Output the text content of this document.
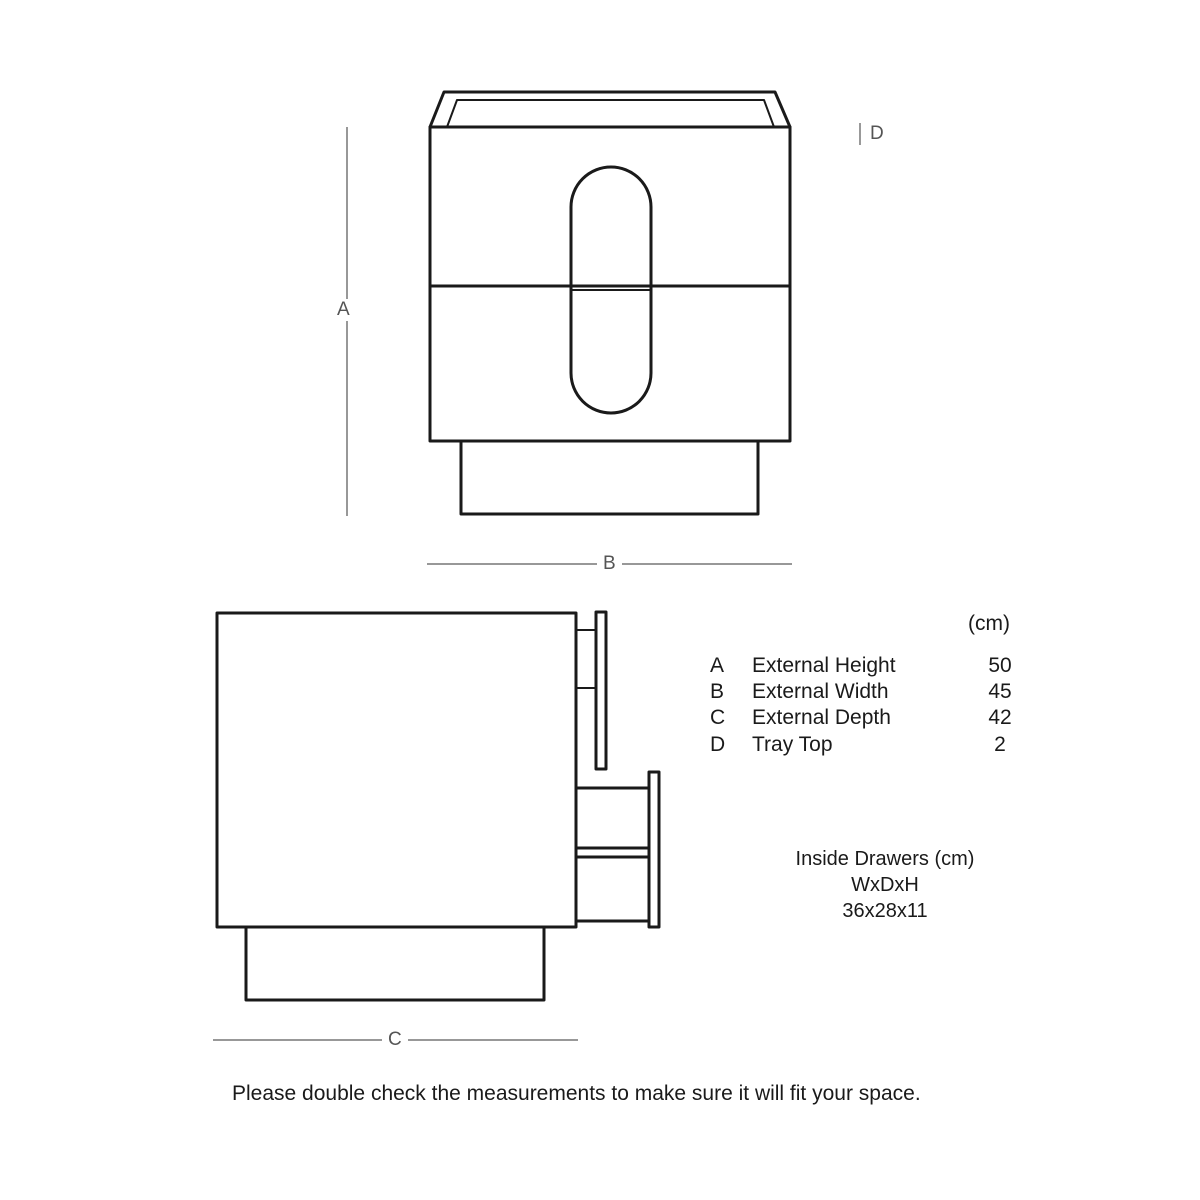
A
B
C
D
(cm)
A External Height	50
B External Width	45
C External Depth	42
D Tray Top	2
Inside Drawers (cm)
WxDxH
36x28x11
Please double check the measurements to make sure it will fit your space.
